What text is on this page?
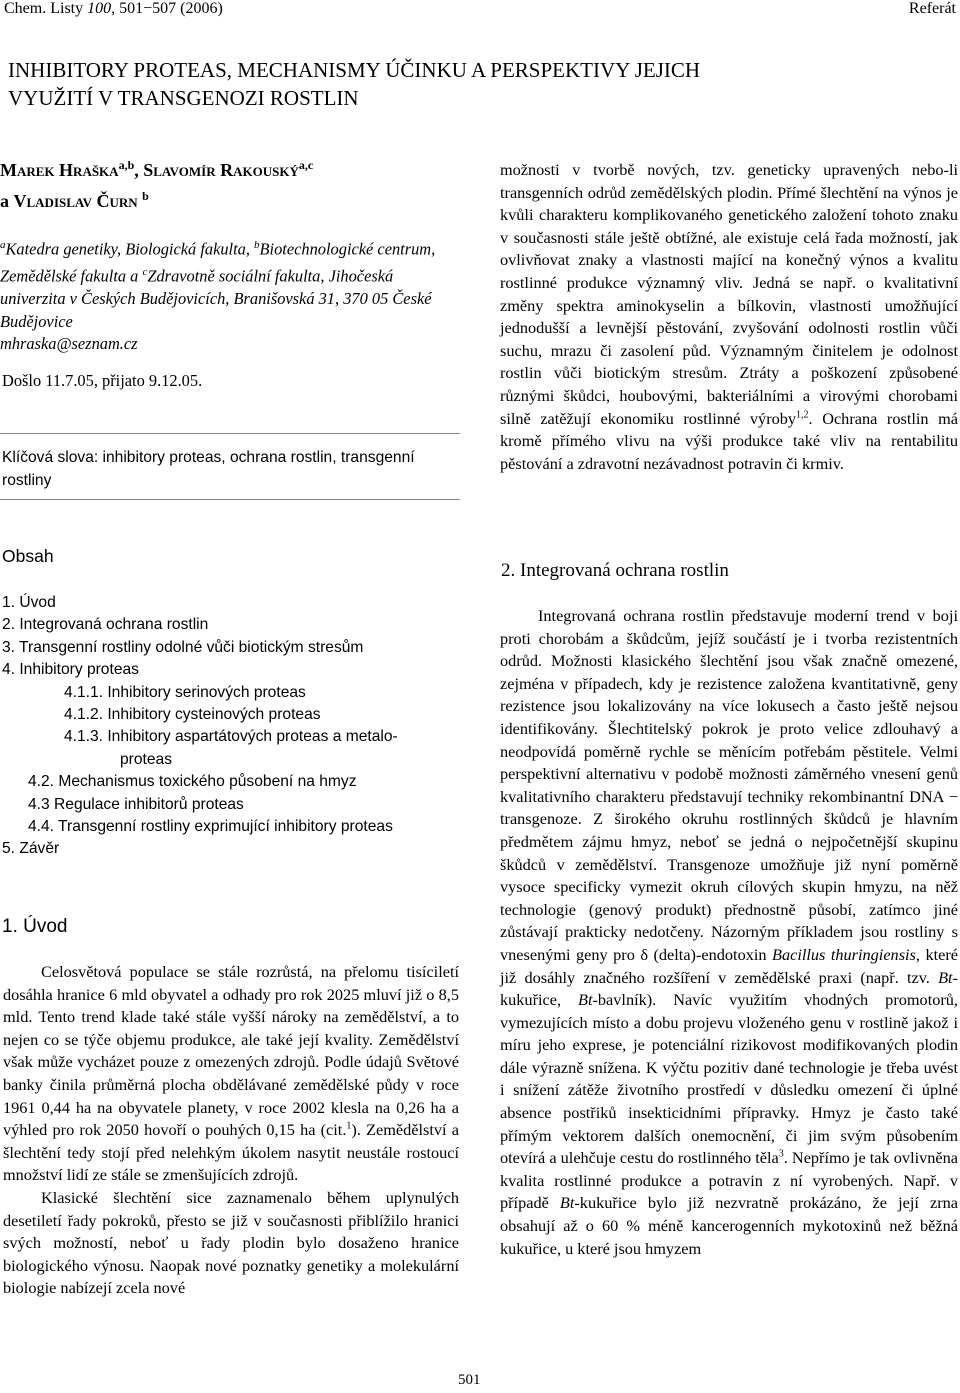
Chem. Listy 100, 501−507 (2006)	Referát
INHIBITORY PROTEAS, MECHANISMY ÚČINKU A PERSPEKTIVY JEJICH
VYUŽITÍ V TRANSGENOZI ROSTLIN
Marek Hraška$^{a,b}$, Slavomír Rakouský$^{a,c}$
a Vladislav Čurn $^b$
$^a$Katedra genetiky, Biologická fakulta, $^b$Biotechnologické centrum, Zemědělské fakulta a $^c$Zdravotně sociální fakulta, Jihočeská univerzita v Českých Budějovicích, Branišovská 31, 370 05 České Budějovice
mhraska@seznam.cz
Došlo 11.7.05, přijato 9.12.05.
Klíčová slova: inhibitory proteas, ochrana rostlin, transgenní rostliny
Obsah
1. Úvod
2. Integrovaná ochrana rostlin
3. Transgenní rostliny odolné vůči biotickým stresům
4. Inhibitory proteas
4.1.1. Inhibitory serinových proteas
4.1.2. Inhibitory cysteinových proteas
4.1.3. Inhibitory aspartátových proteas a metalo-
proteas
4.2. Mechanismus toxického působení na hmyz
4.3 Regulace inhibitorů proteas
4.4. Transgenní rostliny exprimující inhibitory proteas
5. Závěr
1. Úvod

Celosvětová populace se stále rozrůstá, na přelomu tisíciletí dosáhla hranice 6 mld obyvatel a odhady pro rok 2025 mluví již o 8,5 mld. Tento trend klade také stále vyšší nároky na zemědělství, a to nejen co se týče objemu produkce, ale také její kvality. Zemědělství však může vycházet pouze z omezených zdrojů. Podle údajů Světové banky činila průměrná plocha obdělávané zemědělské půdy v roce 1961 0,44 ha na obyvatele planety, v roce 2002 klesla na 0,26 ha a výhled pro rok 2050 hovoří o pouhých 0,15 ha (cit.$^1$). Zemědělství a šlechtění tedy stojí před nelehkým úkolem nasytit neustále rostoucí množství lidí ze stále se zmenšujících zdrojů.

Klasické šlechtění sice zaznamenalo během uplynulých desetiletí řady pokroků, přesto se již v současnosti přiblížilo hranici svých možností, neboť u řady plodin bylo dosaženo hranice biologického výnosu. Naopak nové poznatky genetiky a molekulární biologie nabízejí zcela nové

možnosti v tvorbě nových, tzv. geneticky upravených nebo-li transgenních odrůd zemědělských plodin. Přímé šlechtění na výnos je kvůli charakteru komplikovaného genetického založení tohoto znaku v současnosti stále ještě obtížné, ale existuje celá řada možností, jak ovlivňovat znaky a vlastnosti mající na konečný výnos a kvalitu rostlinné produkce významný vliv. Jedná se např. o kvalitativní změny spektra aminokyselin a bílkovin, vlastnosti umožňující jednodušší a levnější pěstování, zvyšování odolnosti rostlin vůči suchu, mrazu či zasolení půd. Významným činitelem je odolnost rostlin vůči biotickým stresům. Ztráty a poškození způsobené různými škůdci, houbovými, bakteriálními a virovými chorobami silně zatěžují ekonomiku rostlinné výroby$^{1,2}$. Ochrana rostlin má kromě přímého vlivu na výši produkce také vliv na rentabilitu pěstování a zdravotní nezávadnost potravin či krmiv.

2. Integrovaná ochrana rostlin

Integrovaná ochrana rostlin představuje moderní trend v boji proti chorobám a škůdcům, jejíž součástí je i tvorba rezistentních odrůd. Možnosti klasického šlechtění jsou však značně omezené, zejména v případech, kdy je rezistence založena kvantitativně, geny rezistence jsou lokalizovány na více lokusech a často ještě nejsou identifikovány. Šlechtitelský pokrok je proto velice zdlouhavý a neodpovídá poměrně rychle se měnícím potřebám pěstitele. Velmi perspektivní alternativu v podobě možnosti záměrného vnesení genů kvalitativního charakteru představují techniky rekombinantní DNA − transgenoze. Z širokého okruhu rostlinných škůdců je hlavním předmětem zájmu hmyz, neboť se jedná o nejpočetnější skupinu škůdců v zemědělství. Transgenoze umožňuje již nyní poměrně vysoce specificky vymezit okruh cílových skupin hmyzu, na něž technologie (genový produkt) přednostně působí, zatímco jiné zůstávají prakticky nedotčeny. Názorným příkladem jsou rostliny s vnesenými geny pro δ (delta)-endotoxin Bacillus thuringiensis, které již dosáhly značného rozšíření v zemědělské praxi (např. tzv. Bt-kukuřice, Bt-bavlník). Navíc využitím vhodných promotorů, vymezujících místo a dobu projevu vloženého genu v rostlině jakož i míru jeho exprese, je potenciální rizikovost modifikovaných plodin dále výrazně snížena. K výčtu pozitiv dané technologie je třeba uvést i snížení zátěže životního prostředí v důsledku omezení či úplné absence postřiků insekticidními přípravky. Hmyz je často také přímým vektorem dalších onemocnění, či jim svým působením otevírá a ulehčuje cestu do rostlinného těla$^3$. Nepřímo je tak ovlivněna kvalita rostlinné produkce a potravin z ní vyrobených. Např. v případě Bt-kukuřice bylo již nezvratně prokázáno, že její zrna obsahují až o 60 % méně kancerogenních mykotoxinů než běžná kukuřice, u které jsou hmyzem

501
